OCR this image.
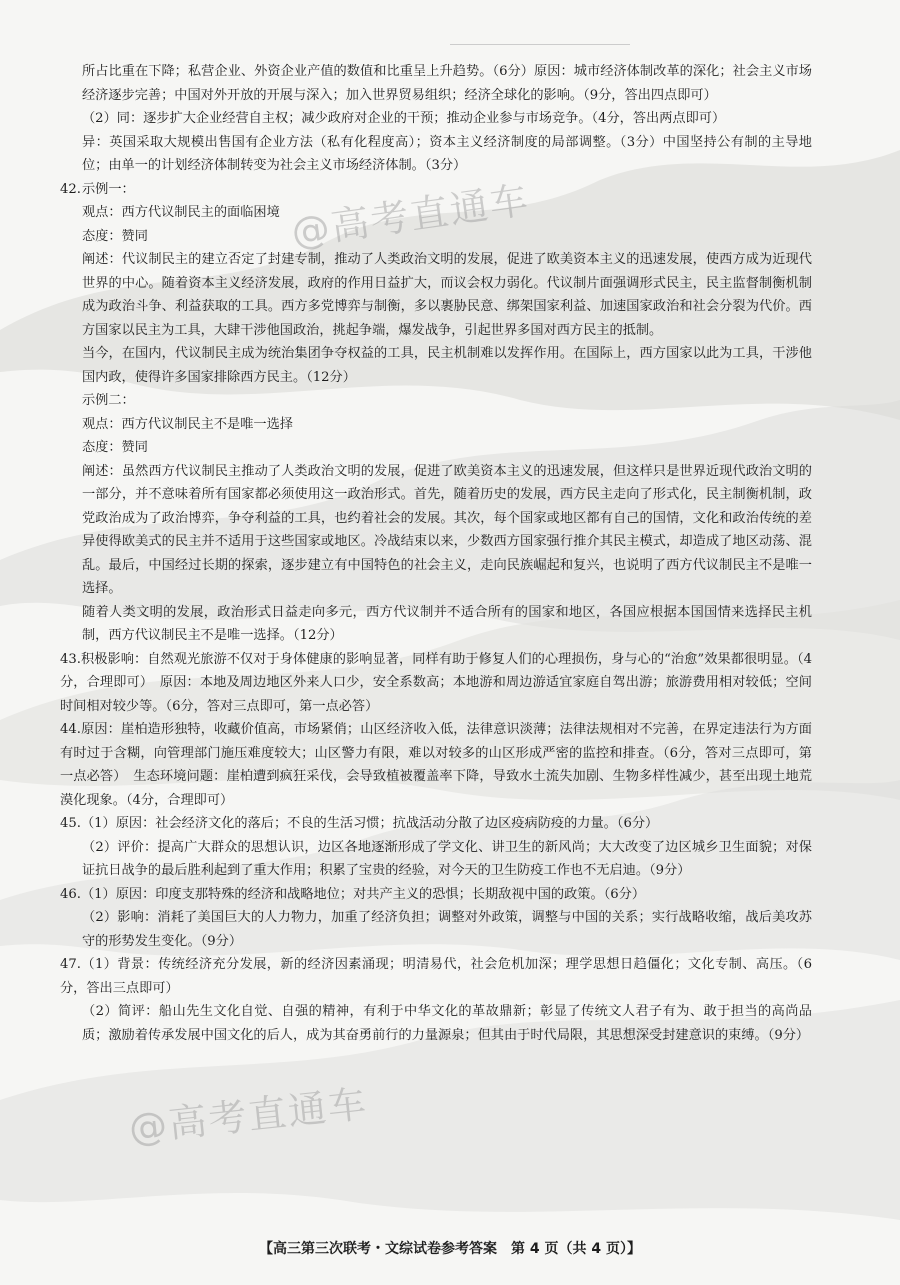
@高考直通车
@高考直通车

所占比重在下降；私营企业、外资企业产值的数值和比重呈上升趋势。（6分）原因：城市经济体制改革的深化；社会主义市场经济逐步完善；中国对外开放的开展与深入；加入世界贸易组织；经济全球化的影响。（9分，答出四点即可）

（2）同：逐步扩大企业经营自主权；减少政府对企业的干预；推动企业参与市场竞争。（4分，答出两点即可）

异：英国采取大规模出售国有企业方法（私有化程度高）；资本主义经济制度的局部调整。（3分）中国坚持公有制的主导地位；由单一的计划经济体制转变为社会主义市场经济体制。（3分）

42. 示例一：

观点：西方代议制民主的面临困境

态度：赞同

阐述：代议制民主的建立否定了封建专制，推动了人类政治文明的发展，促进了欧美资本主义的迅速发展，使西方成为近现代世界的中心。随着资本主义经济发展，政府的作用日益扩大，而议会权力弱化。代议制片面强调形式民主，民主监督制衡机制成为政治斗争、利益获取的工具。西方多党博弈与制衡，多以裹胁民意、绑架国家利益、加速国家政治和社会分裂为代价。西方国家以民主为工具，大肆干涉他国政治，挑起争端，爆发战争，引起世界多国对西方民主的抵制。

当今，在国内，代议制民主成为统治集团争夺权益的工具，民主机制难以发挥作用。在国际上，西方国家以此为工具，干涉他国内政，使得许多国家排除西方民主。（12分）

示例二：

观点：西方代议制民主不是唯一选择

态度：赞同

阐述：虽然西方代议制民主推动了人类政治文明的发展，促进了欧美资本主义的迅速发展，但这样只是世界近现代政治文明的一部分，并不意味着所有国家都必须使用这一政治形式。首先，随着历史的发展，西方民主走向了形式化，民主制衡机制，政党政治成为了政治博弈，争夺利益的工具，也约着社会的发展。其次，每个国家或地区都有自己的国情，文化和政治传统的差异使得欧美式的民主并不适用于这些国家或地区。冷战结束以来，少数西方国家强行推介其民主模式，却造成了地区动荡、混乱。最后，中国经过长期的探索，逐步建立有中国特色的社会主义，走向民族崛起和复兴，也说明了西方代议制民主不是唯一选择。

随着人类文明的发展，政治形式日益走向多元，西方代议制并不适合所有的国家和地区，各国应根据本国国情来选择民主机制，西方代议制民主不是唯一选择。（12分）

43.积极影响：自然观光旅游不仅对于身体健康的影响显著，同样有助于修复人们的心理损伤，身与心的“治愈”效果都很明显。（4分，合理即可）　原因：本地及周边地区外来人口少，安全系数高；本地游和周边游适宜家庭自驾出游；旅游费用相对较低；空间时间相对较少等。（6分，答对三点即可，第一点必答）

44.原因：崖柏造形独特，收藏价值高，市场紧俏；山区经济收入低，法律意识淡薄；法律法规相对不完善，在界定违法行为方面有时过于含糊，向管理部门施压难度较大；山区警力有限，难以对较多的山区形成严密的监控和排查。（6分，答对三点即可，第一点必答）　生态环境问题：崖柏遭到疯狂采伐，会导致植被覆盖率下降，导致水土流失加剧、生物多样性减少，甚至出现土地荒漠化现象。（4分，合理即可）

45.（1）原因：社会经济文化的落后；不良的生活习惯；抗战活动分散了边区疫病防疫的力量。（6分）

（2）评价：提高广大群众的思想认识，边区各地逐渐形成了学文化、讲卫生的新风尚；大大改变了边区城乡卫生面貌；对保证抗日战争的最后胜利起到了重大作用；积累了宝贵的经验，对今天的卫生防疫工作也不无启迪。（9分）

46.（1）原因：印度支那特殊的经济和战略地位；对共产主义的恐惧；长期敌视中国的政策。（6分）

（2）影响：消耗了美国巨大的人力物力，加重了经济负担；调整对外政策，调整与中国的关系；实行战略收缩，战后美攻苏守的形势发生变化。（9分）

47.（1）背景：传统经济充分发展，新的经济因素涌现；明清易代，社会危机加深；理学思想日趋僵化；文化专制、高压。（6分，答出三点即可）

（2）简评：船山先生文化自觉、自强的精神，有利于中华文化的革故鼎新；彰显了传统文人君子有为、敢于担当的高尚品质；激励着传承发展中国文化的后人，成为其奋勇前行的力量源泉；但其由于时代局限，其思想深受封建意识的束缚。（9分）

【高三第三次联考・文综试卷参考答案　第 4 页（共 4 页）】
